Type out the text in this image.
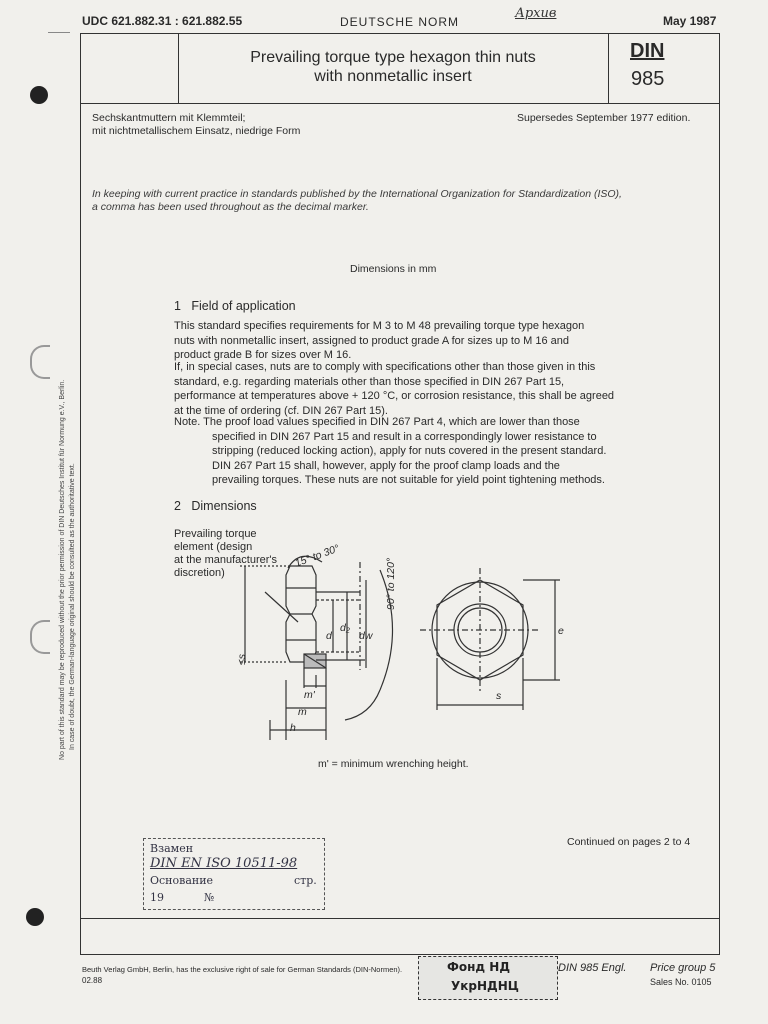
UDC 621.882.31 : 621.882.55	DEUTSCHE NORM
Архив	May 1987
Prevailing torque type hexagon thin nuts
with nonmetallic insert
DIN
985
Sechskantmuttern mit Klemmteil;
mit nichtmetallischem Einsatz, niedrige Form
Supersedes September 1977 edition.
In keeping with current practice in standards published by the International Organization for Standardization (ISO),
a comma has been used throughout as the decimal marker.
Dimensions in mm
1 Field of application
This standard specifies requirements for M 3 to M 48 prevailing torque type hexagon
nuts with nonmetallic insert, assigned to product grade A for sizes up to M 16 and
product grade B for sizes over M 16.
If, in special cases, nuts are to comply with specifications other than those given in this
standard, e.g. regarding materials other than those specified in DIN 267 Part 15,
performance at temperatures above + 120 °C, or corrosion resistance, this shall be agreed
at the time of ordering (cf. DIN 267 Part 15).
Note. The proof load values specified in DIN 267 Part 4, which are lower than those
specified in DIN 267 Part 15 and result in a correspondingly lower resistance to
stripping (reduced locking action), apply for nuts covered in the present standard.
DIN 267 Part 15 shall, however, apply for the proof clamp loads and the
prevailing torques. These nuts are not suitable for yield point tightening methods.
2 Dimensions
Prevailing torque
element (design
at the manufacturer's
discretion)
15° to 30°
90° to 120°
≤s
d
d₂
dw
m'
m
h
e
s
m' = minimum wrenching height.
Continued on pages 2 to 4
Взамен
DIN EN ISO 10511-98
Основание	стр.
19	№
No part of this standard may be reproduced without the prior permission of DIN Deutsches Institut für Normung e.V., Berlin. In case of doubt, the German-language original should be consulted as the authoritative text.
Beuth Verlag GmbH, Berlin, has the exclusive right of sale for German Standards (DIN-Normen).
02.88
DIN 985 Engl. Price group 5
Sales No. 0105
Фонд НД
УкрНДНЦ
